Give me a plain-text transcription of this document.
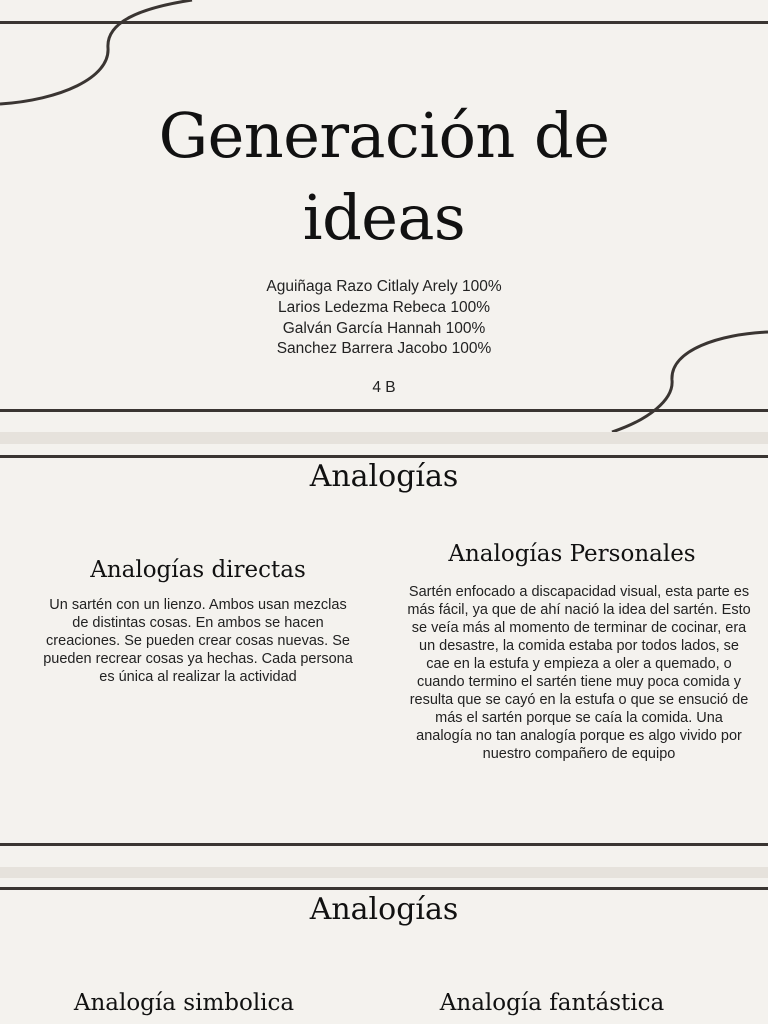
Generación de
ideas
Aguiñaga Razo Citlaly Arely 100%
Larios Ledezma Rebeca 100%
Galván García Hannah 100%
Sanchez Barrera Jacobo 100%
4 B
Analogías
Analogías directas

Un sartén con un lienzo. Ambos usan mezclas de distintas cosas. En ambos se hacen creaciones. Se pueden crear cosas nuevas. Se pueden recrear cosas ya hechas. Cada persona es única al realizar la actividad

Analogías Personales

Sartén enfocado a discapacidad visual, esta parte es más fácil, ya que de ahí nació la idea del sartén. Esto se veía más al momento de terminar de cocinar, era un desastre, la comida estaba por todos lados, se cae en la estufa y empieza a oler a quemado, o cuando termino el sartén tiene muy poca comida y resulta que se cayó en la estufa o que se ensució de más el sartén porque se caía la comida. Una analogía no tan analogía porque es algo vivido por nuestro compañero de equipo

Analogías
Analogía simbolica	Analogía fantástica
